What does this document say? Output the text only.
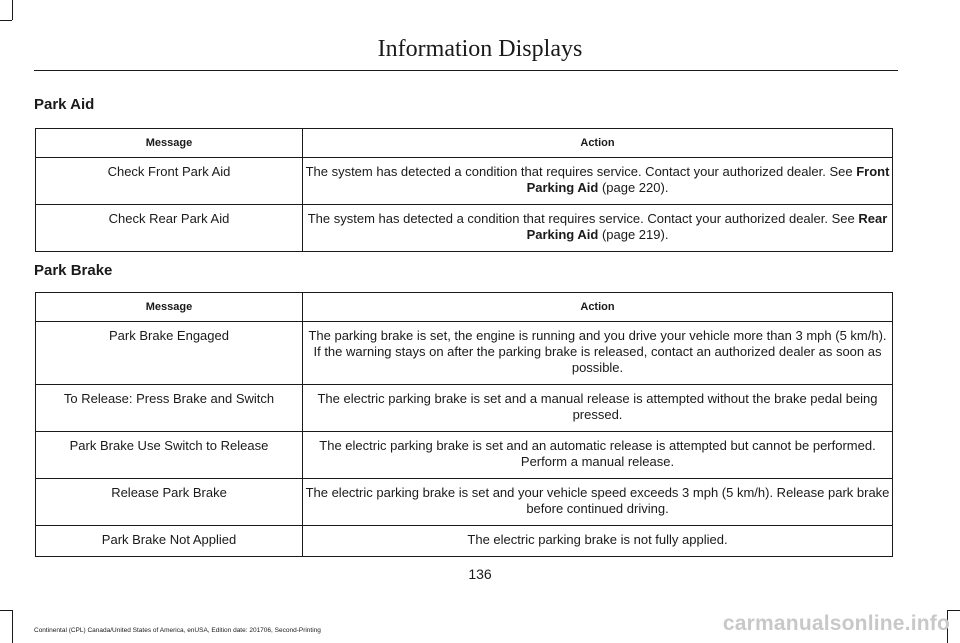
Information Displays
Park Aid
Message	Action
Check Front Park Aid	The system has detected a condition that requires service. Contact your authorized dealer. See Front Parking Aid (page 220).
Check Rear Park Aid	The system has detected a condition that requires service. Contact your authorized dealer. See Rear Parking Aid (page 219).
Park Brake
Message	Action
Park Brake Engaged	The parking brake is set, the engine is running and you drive your vehicle more than 3 mph (5 km/h). If the warning stays on after the parking brake is released, contact an authorized dealer as soon as possible.
To Release: Press Brake and Switch	The electric parking brake is set and a manual release is attempted without the brake pedal being pressed.
Park Brake Use Switch to Release	The electric parking brake is set and an automatic release is attempted but cannot be performed. Perform a manual release.
Release Park Brake	The electric parking brake is set and your vehicle speed exceeds 3 mph (5 km/h). Release park brake before continued driving.
Park Brake Not Applied	The electric parking brake is not fully applied.
136
Continental (CPL) Canada/United States of America, enUSA, Edition date: 201706, Second-Printing	carmanualsonline.info
